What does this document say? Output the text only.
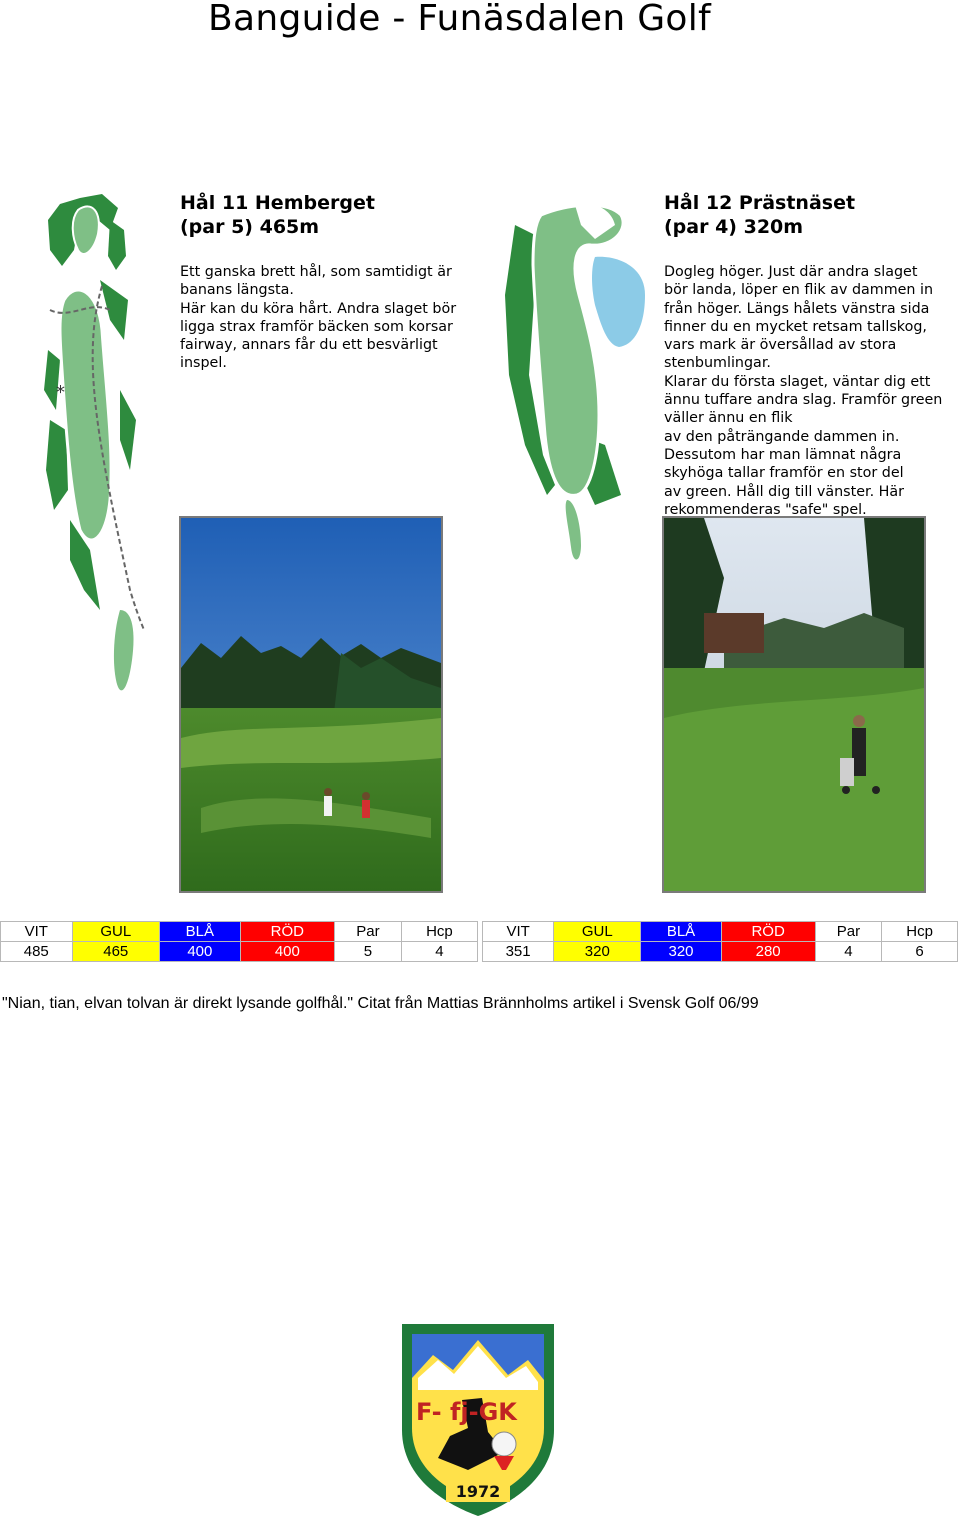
Banguide - Funäsdalen Golf
*
Hål 11 Hemberget
(par 5) 465m

Ett ganska brett hål, som samtidigt är

banans längsta.

Här kan du köra hårt. Andra slaget bör

ligga strax framför bäcken som korsar

fairway, annars får du ett besvärligt

inspel.

Hål 12 Prästnäset
(par 4) 320m

Dogleg höger. Just där andra slaget

bör landa, löper en flik av dammen in

från höger. Längs hålets vänstra sida

finner du en mycket retsam tallskog,

vars mark är översållad av stora

stenbumlingar.

Klarar du första slaget, väntar dig ett

ännu tuffare andra slag. Framför green

väller ännu en flik

av den påträngande dammen in.

Dessutom har man lämnat några

skyhöga tallar framför en stor del

av green. Håll dig till vänster. Här

rekommenderas "safe" spel.

VIT	GUL	BLÅ	RÖD	Par	Hcp
485	465	400	400	5	4
VIT	GUL	BLÅ	RÖD	Par	Hcp
351	320	320	280	4	6
"Nian, tian, elvan tolvan är direkt lysande golfhål." Citat från Mattias Brännholms artikel i Svensk Golf 06/99
F- fj-GK
1972
